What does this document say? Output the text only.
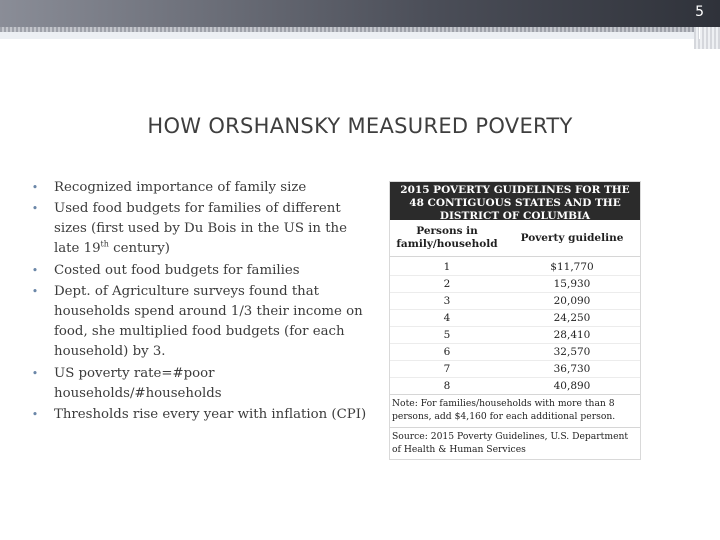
5
HOW ORSHANSKY MEASURED POVERTY
• Recognized importance of family size
• Used food budgets for families of different sizes (first used by Du Bois in the US in the late 19th century)
• Costed out food budgets for families
• Dept. of Agriculture surveys found that households spend around 1/3 their income on food, she multiplied food budgets (for each household) by 3.
• US poverty rate=#poor households/#households
• Thresholds rise every year with inflation (CPI)
2015 POVERTY GUIDELINES FOR THE 48 CONTIGUOUS STATES AND THE DISTRICT OF COLUMBIA
Persons in family/household
Poverty guideline
1	$11,770
2	15,930
3	20,090
4	24,250
5	28,410
6	32,570
7	36,730
8	40,890
Note: For families/households with more than 8 persons, add $4,160 for each additional person.
Source: 2015 Poverty Guidelines, U.S. Department of Health & Human Services
